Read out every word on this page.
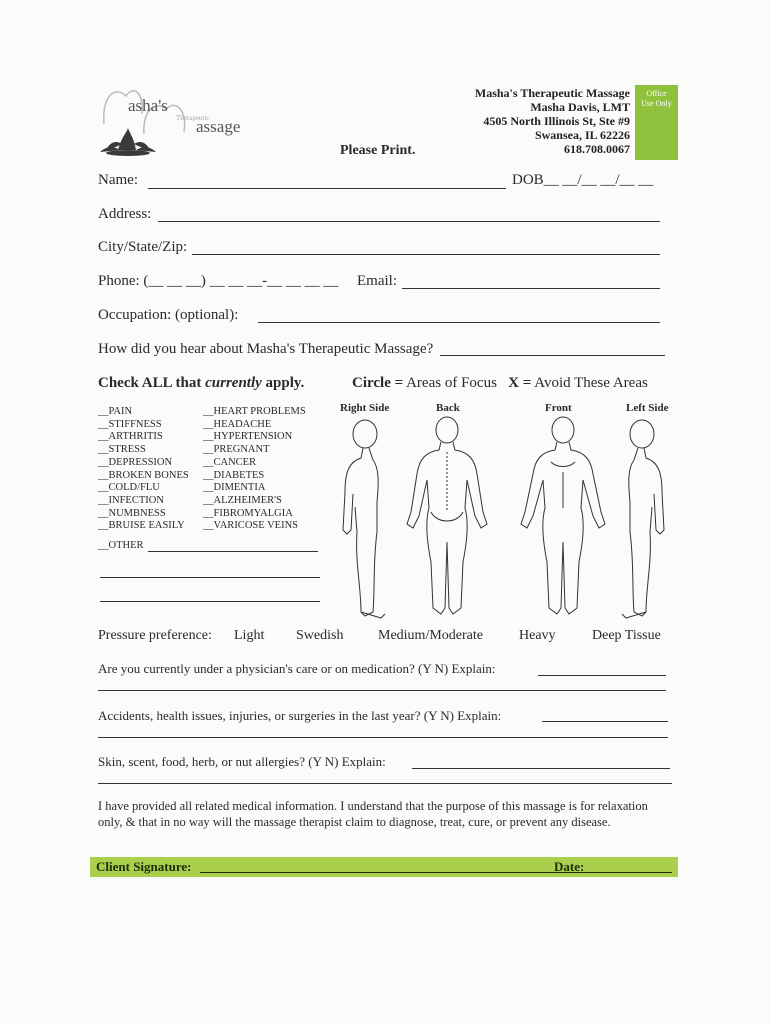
asha's
Therapeutic
assage
Masha's Therapeutic Massage
Masha Davis, LMT
4505 North Illinois St, Ste #9
Swansea, IL 62226
618.708.0067
Office
Use Only
Please Print.
Name:	DOB__ __/__ __/__ __
Address:
City/State/Zip:
Phone: (__ __ __) __ __ __-__ __ __ __ Email:
Occupation: (optional):
How did you hear about Masha's Therapeutic Massage?
Check ALL that currently apply.	Circle = Areas of Focus X = Avoid These Areas
__PAIN
__STIFFNESS
__ARTHRITIS
__STRESS
__DEPRESSION
__BROKEN BONES
__COLD/FLU
__INFECTION
__NUMBNESS
__BRUISE EASILY
__HEART PROBLEMS
__HEADACHE
__HYPERTENSION
__PREGNANT
__CANCER
__DIABETES
__DIMENTIA
__ALZHEIMER'S
__FIBROMYALGIA
__VARICOSE VEINS
__OTHER
Right Side	Back	Front	Left Side
Pressure preference: Light Swedish Medium/Moderate	Heavy	Deep Tissue
Are you currently under a physician's care or on medication? (Y N) Explain:
Accidents, health issues, injuries, or surgeries in the last year? (Y N) Explain:
Skin, scent, food, herb, or nut allergies? (Y N) Explain:
I have provided all related medical information. I understand that the purpose of this massage is for relaxation only, & that in no way will the massage therapist claim to diagnose, treat, cure, or prevent any disease.
Client Signature:	Date:
